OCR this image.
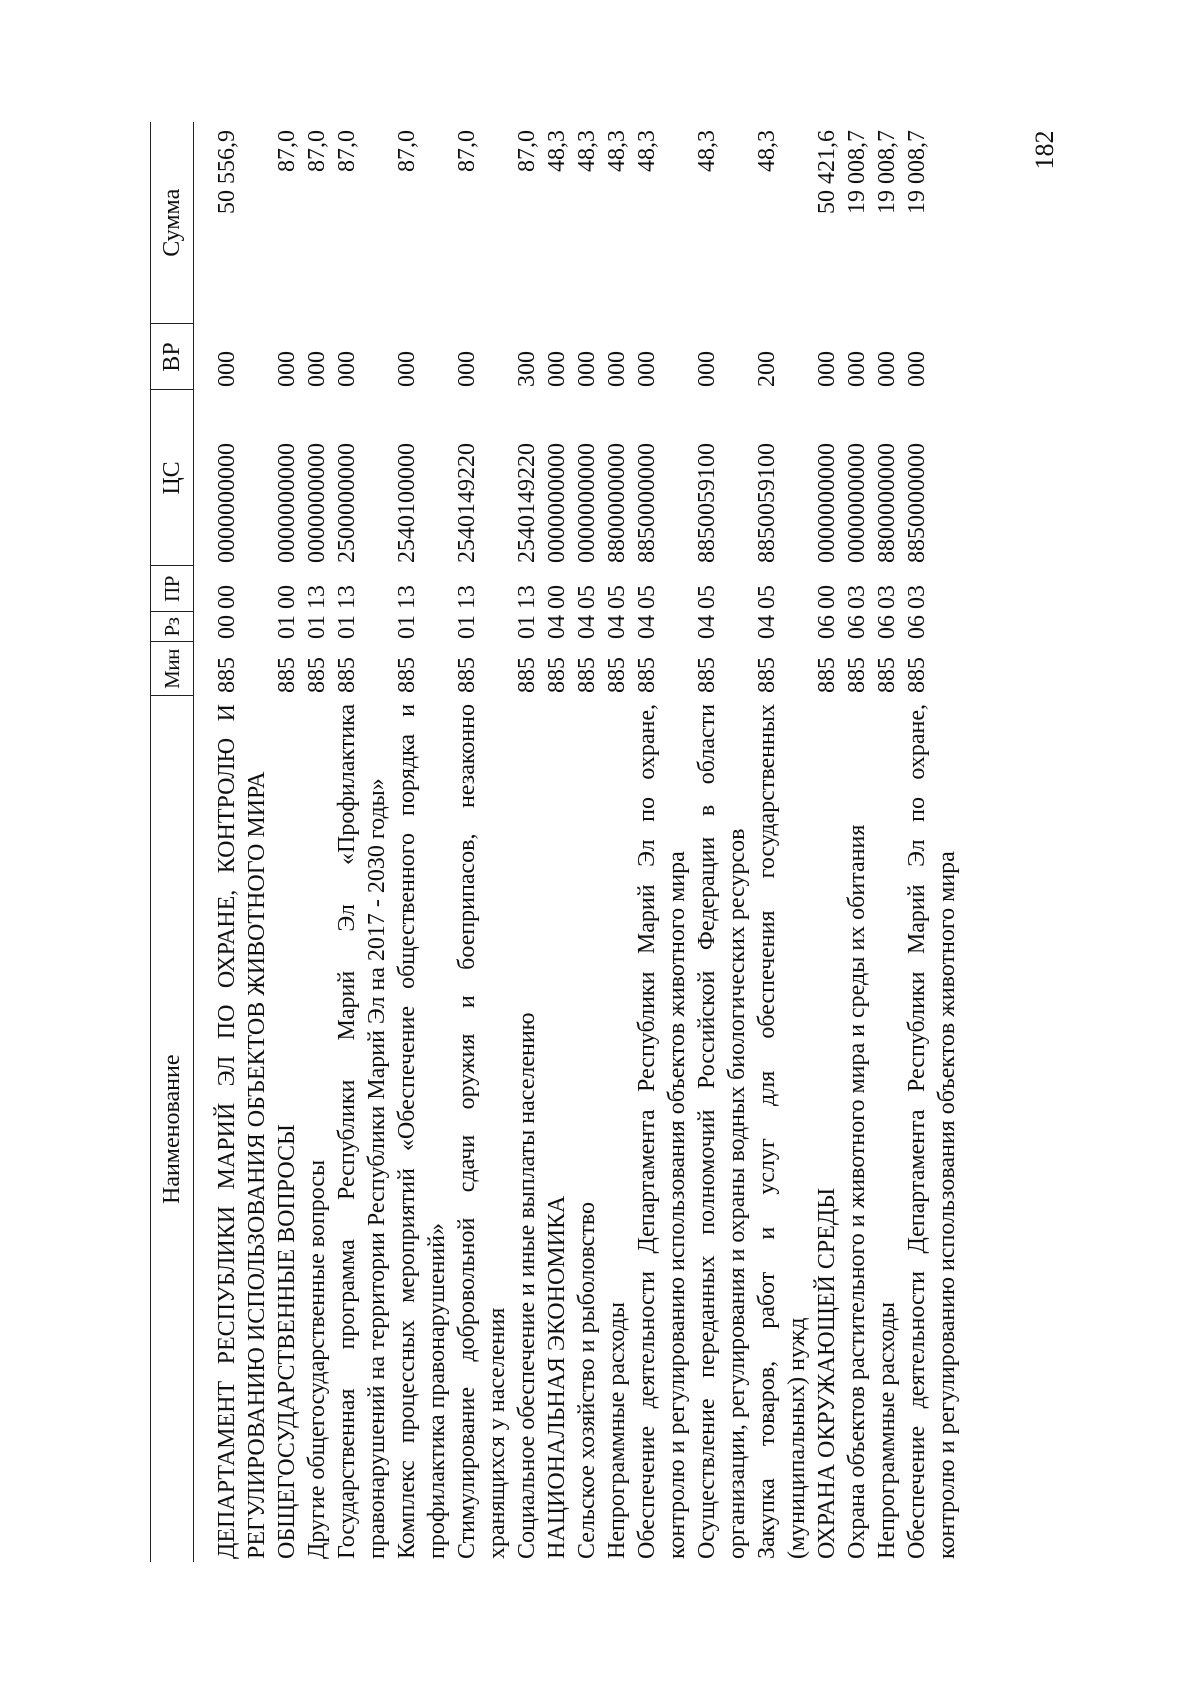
182
Наименование	Мин	Рз	ПР	ЦС	ВР	Сумма
ДЕПАРТАМЕНТ РЕСПУБЛИКИ МАРИЙ ЭЛ ПО ОХРАНЕ, КОНТРОЛЮ И РЕГУЛИРОВАНИЮ ИСПОЛЬЗОВАНИЯ ОБЪЕКТОВ ЖИВОТНОГО МИРА	885	00	00	0000000000	000	50 556,9
ОБЩЕГОСУДАРСТВЕННЫЕ ВОПРОСЫ	885	01	00	0000000000	000	87,0
Другие общегосударственные вопросы	885	01	13	0000000000	000	87,0
Государственная программа Республики Марий Эл «Профилактика правонарушений на территории Республики Марий Эл на 2017 - 2030 годы»	885	01	13	2500000000	000	87,0
Комплекс процессных мероприятий «Обеспечение общественного порядка и профилактика правонарушений»	885	01	13	2540100000	000	87,0
Стимулирование добровольной сдачи оружия и боеприпасов, незаконно хранящихся у населения	885	01	13	2540149220	000	87,0
Социальное обеспечение и иные выплаты населению	885	01	13	2540149220	300	87,0
НАЦИОНАЛЬНАЯ ЭКОНОМИКА	885	04	00	0000000000	000	48,3
Сельское хозяйство и рыболовство	885	04	05	0000000000	000	48,3
Непрограммные расходы	885	04	05	8800000000	000	48,3
Обеспечение деятельности Департамента Республики Марий Эл по охране, контролю и регулированию использования объектов животного мира	885	04	05	8850000000	000	48,3
Осуществление переданных полномочий Российской Федерации в области организации, регулирования и охраны водных биологических ресурсов	885	04	05	8850059100	000	48,3
Закупка товаров, работ и услуг для обеспечения государственных (муниципальных) нужд	885	04	05	8850059100	200	48,3
ОХРАНА ОКРУЖАЮЩЕЙ СРЕДЫ	885	06	00	0000000000	000	50 421,6
Охрана объектов растительного и животного мира и среды их обитания	885	06	03	0000000000	000	19 008,7
Непрограммные расходы	885	06	03	8800000000	000	19 008,7
Обеспечение деятельности Департамента Республики Марий Эл по охране, контролю и регулированию использования объектов животного мира	885	06	03	8850000000	000	19 008,7
